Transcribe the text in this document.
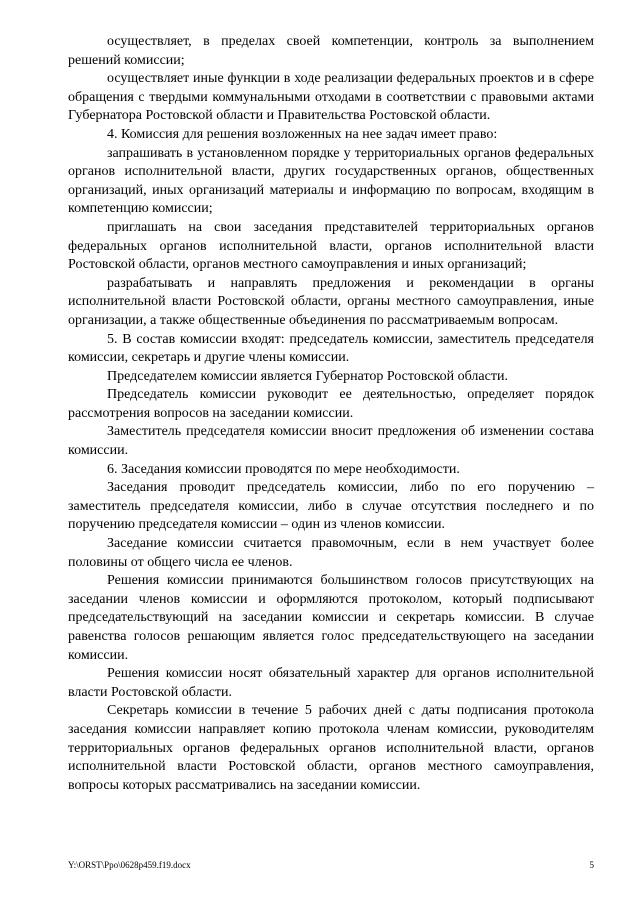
осуществляет, в пределах своей компетенции, контроль за выполнением решений комиссии;

осуществляет иные функции в ходе реализации федеральных проектов и в сфере обращения с твердыми коммунальными отходами в соответствии с правовыми актами Губернатора Ростовской области и Правительства Ростовской области.

4. Комиссия для решения возложенных на нее задач имеет право:

запрашивать в установленном порядке у территориальных органов федеральных органов исполнительной власти, других государственных органов, общественных организаций, иных организаций материалы и информацию по вопросам, входящим в компетенцию комиссии;

приглашать на свои заседания представителей территориальных органов федеральных органов исполнительной власти, органов исполнительной власти Ростовской области, органов местного самоуправления и иных организаций;

разрабатывать и направлять предложения и рекомендации в органы исполнительной власти Ростовской области, органы местного самоуправления, иные организации, а также общественные объединения по рассматриваемым вопросам.

5. В состав комиссии входят: председатель комиссии, заместитель председателя комиссии, секретарь и другие члены комиссии.

Председателем комиссии является Губернатор Ростовской области.

Председатель комиссии руководит ее деятельностью, определяет порядок рассмотрения вопросов на заседании комиссии.

Заместитель председателя комиссии вносит предложения об изменении состава комиссии.

6. Заседания комиссии проводятся по мере необходимости.

Заседания проводит председатель комиссии, либо по его поручению – заместитель председателя комиссии, либо в случае отсутствия последнего и по поручению председателя комиссии – один из членов комиссии.

Заседание комиссии считается правомочным, если в нем участвует более половины от общего числа ее членов.

Решения комиссии принимаются большинством голосов присутствующих на заседании членов комиссии и оформляются протоколом, который подписывают председательствующий на заседании комиссии и секретарь комиссии. В случае равенства голосов решающим является голос председательствующего на заседании комиссии.

Решения комиссии носят обязательный характер для органов исполнительной власти Ростовской области.

Секретарь комиссии в течение 5 рабочих дней с даты подписания протокола заседания комиссии направляет копию протокола членам комиссии, руководителям территориальных органов федеральных органов исполнительной власти, органов исполнительной власти Ростовской области, органов местного самоуправления, вопросы которых рассматривались на заседании комиссии.

Y:\ORST\Ppo\0628p459.f19.docx	5
